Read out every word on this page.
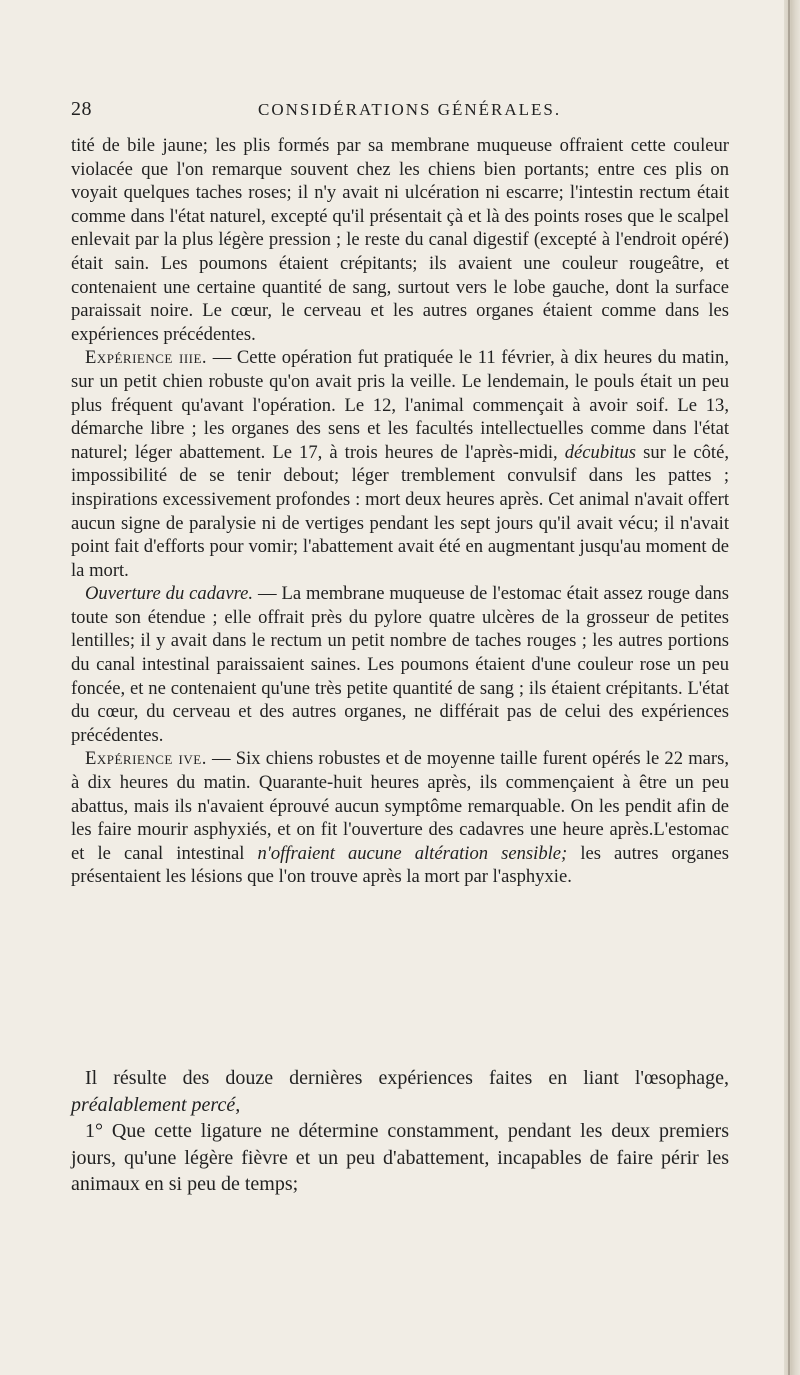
28	CONSIDÉRATIONS GÉNÉRALES.

tité de bile jaune; les plis formés par sa membrane muqueuse offraient cette couleur violacée que l'on remarque souvent chez les chiens bien portants; entre ces plis on voyait quelques taches roses; il n'y avait ni ulcération ni escarre; l'intestin rectum était comme dans l'état naturel, excepté qu'il présentait çà et là des points roses que le scalpel enlevait par la plus légère pression ; le reste du canal digestif (excepté à l'endroit opéré) était sain. Les poumons étaient crépitants; ils avaient une couleur rougeâtre, et contenaient une certaine quantité de sang, surtout vers le lobe gauche, dont la surface paraissait noire. Le cœur, le cerveau et les autres organes étaient comme dans les expériences précédentes.

Expérience iiie. — Cette opération fut pratiquée le 11 février, à dix heures du matin, sur un petit chien robuste qu'on avait pris la veille. Le lendemain, le pouls était un peu plus fréquent qu'avant l'opération. Le 12, l'animal commençait à avoir soif. Le 13, démarche libre ; les organes des sens et les facultés intellectuelles comme dans l'état naturel; léger abattement. Le 17, à trois heures de l'après-midi, décubitus sur le côté, impossibilité de se tenir debout; léger tremblement convulsif dans les pattes ; inspirations excessivement profondes : mort deux heures après. Cet animal n'avait offert aucun signe de paralysie ni de vertiges pendant les sept jours qu'il avait vécu; il n'avait point fait d'efforts pour vomir; l'abattement avait été en augmentant jusqu'au moment de la mort.

Ouverture du cadavre. — La membrane muqueuse de l'estomac était assez rouge dans toute son étendue ; elle offrait près du pylore quatre ulcères de la grosseur de petites lentilles; il y avait dans le rectum un petit nombre de taches rouges ; les autres portions du canal intestinal paraissaient saines. Les poumons étaient d'une couleur rose un peu foncée, et ne contenaient qu'une très petite quantité de sang ; ils étaient crépitants. L'état du cœur, du cerveau et des autres organes, ne différait pas de celui des expériences précédentes.

Expérience ive. — Six chiens robustes et de moyenne taille furent opérés le 22 mars, à dix heures du matin. Quarante-huit heures après, ils commençaient à être un peu abattus, mais ils n'avaient éprouvé aucun symptôme remarquable. On les pendit afin de les faire mourir asphyxiés, et on fit l'ouverture des cadavres une heure après.L'estomac et le canal intestinal n'offraient aucune altération sensible; les autres organes présentaient les lésions que l'on trouve après la mort par l'asphyxie.

Il résulte des douze dernières expériences faites en liant l'œsophage, préalablement percé,

1° Que cette ligature ne détermine constamment, pendant les deux premiers jours, qu'une légère fièvre et un peu d'abattement, incapables de faire périr les animaux en si peu de temps;
